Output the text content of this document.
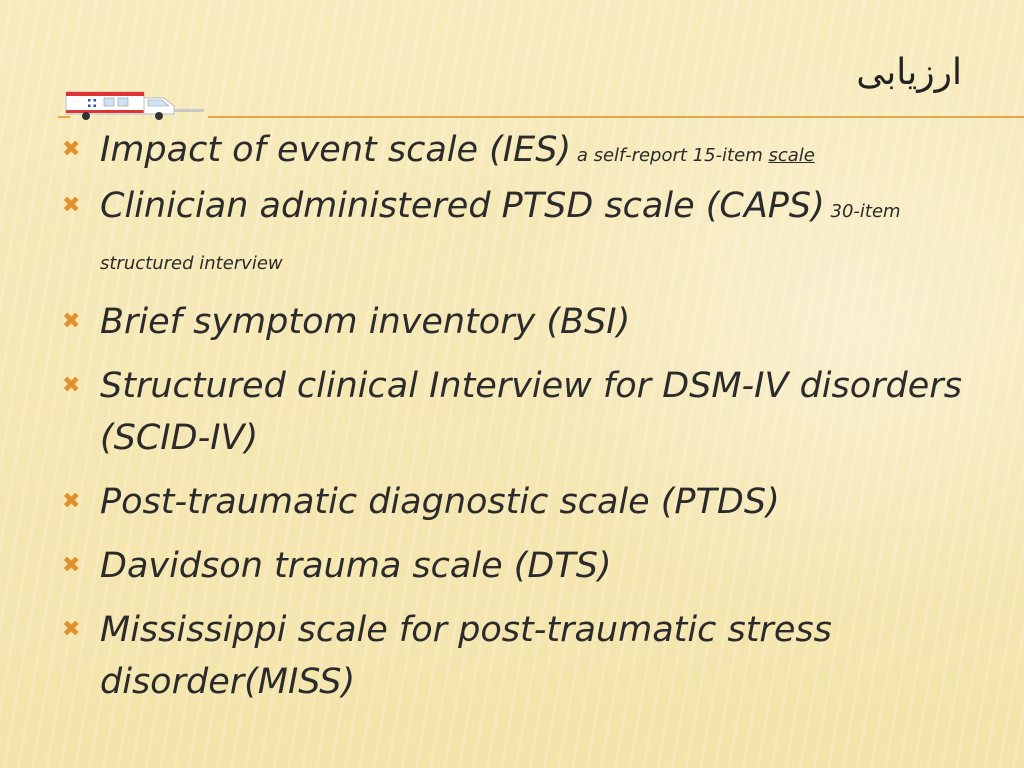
ارزیابی
✖ Impact of event scale (IES) a self-report 15-item scale
✖ Clinician administered PTSD scale (CAPS) 30-item structured interview
✖ Brief symptom inventory (BSI)
✖ Structured clinical Interview for DSM-IV disorders (SCID-IV)
✖ Post-traumatic diagnostic scale (PTDS)
✖ Davidson trauma scale (DTS)
✖ Mississippi scale for post-traumatic stress disorder(MISS)
